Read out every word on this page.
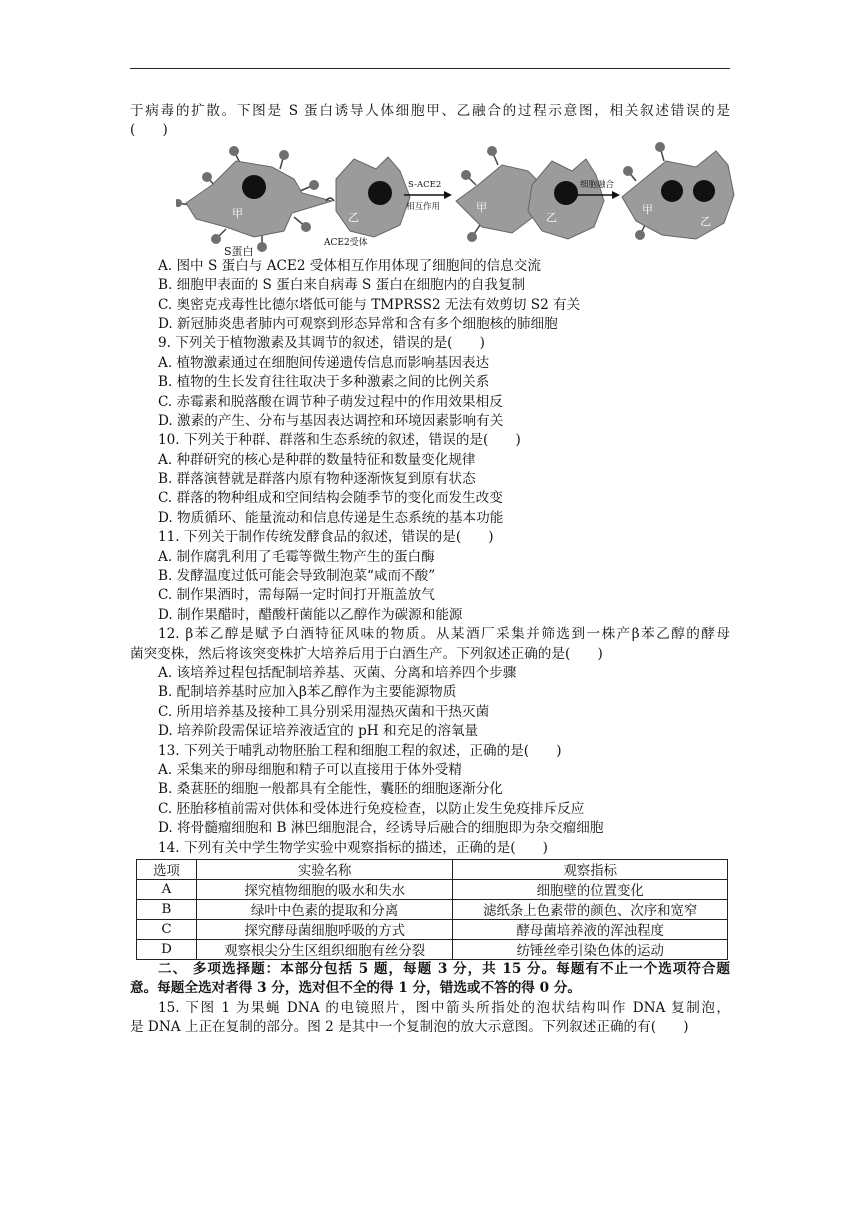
于病毒的扩散。下图是 S 蛋白诱导人体细胞甲、乙融合的过程示意图，相关叙述错误的是
(　　)
甲	乙
ACE2受体
S蛋白
S-ACE2
相互作用	甲
乙
细胞融合
甲
乙
A. 图中 S 蛋白与 ACE2 受体相互作用体现了细胞间的信息交流
B. 细胞甲表面的 S 蛋白来自病毒 S 蛋白在细胞内的自我复制
C. 奥密克戎毒性比德尔塔低可能与 TMPRSS2 无法有效剪切 S2 有关
D. 新冠肺炎患者肺内可观察到形态异常和含有多个细胞核的肺细胞
9. 下列关于植物激素及其调节的叙述，错误的是(　　)
A. 植物激素通过在细胞间传递遗传信息而影响基因表达
B. 植物的生长发育往往取决于多种激素之间的比例关系
C. 赤霉素和脱落酸在调节种子萌发过程中的作用效果相反
D. 激素的产生、分布与基因表达调控和环境因素影响有关
10. 下列关于种群、群落和生态系统的叙述，错误的是(　　)
A. 种群研究的核心是种群的数量特征和数量变化规律
B. 群落演替就是群落内原有物种逐渐恢复到原有状态
C. 群落的物种组成和空间结构会随季节的变化而发生改变
D. 物质循环、能量流动和信息传递是生态系统的基本功能
11. 下列关于制作传统发酵食品的叙述，错误的是(　　)
A. 制作腐乳利用了毛霉等微生物产生的蛋白酶
B. 发酵温度过低可能会导致制泡菜“咸而不酸”
C. 制作果酒时，需每隔一定时间打开瓶盖放气
D. 制作果醋时，醋酸杆菌能以乙醇作为碳源和能源
12. β苯乙醇是赋予白酒特征风味的物质。从某酒厂采集并筛选到一株产β苯乙醇的酵母
菌突变株，然后将该突变株扩大培养后用于白酒生产。下列叙述正确的是(　　)
A. 该培养过程包括配制培养基、灭菌、分离和培养四个步骤
B. 配制培养基时应加入β苯乙醇作为主要能源物质
C. 所用培养基及接种工具分别采用湿热灭菌和干热灭菌
D. 培养阶段需保证培养液适宜的 pH 和充足的溶氧量
13. 下列关于哺乳动物胚胎工程和细胞工程的叙述，正确的是(　　)
A. 采集来的卵母细胞和精子可以直接用于体外受精
B. 桑葚胚的细胞一般都具有全能性，囊胚的细胞逐渐分化
C. 胚胎移植前需对供体和受体进行免疫检查，以防止发生免疫排斥反应
D. 将骨髓瘤细胞和 B 淋巴细胞混合，经诱导后融合的细胞即为杂交瘤细胞
14. 下列有关中学生物学实验中观察指标的描述，正确的是(　　)
选项	实验名称	观察指标
A	探究植物细胞的吸水和失水	细胞壁的位置变化
B	绿叶中色素的提取和分离	滤纸条上色素带的颜色、次序和宽窄
C	探究酵母菌细胞呼吸的方式	酵母菌培养液的浑浊程度
D	观察根尖分生区组织细胞有丝分裂	纺锤丝牵引染色体的运动
二、 多项选择题：本部分包括 5 题，每题 3 分，共 15 分。每题有不止一个选项符合题
意。每题全选对者得 3 分，选对但不全的得 1 分，错选或不答的得 0 分。
15. 下图 1 为果蝇 DNA 的电镜照片，图中箭头所指处的泡状结构叫作 DNA 复制泡，
是 DNA 上正在复制的部分。图 2 是其中一个复制泡的放大示意图。下列叙述正确的有(　　)
